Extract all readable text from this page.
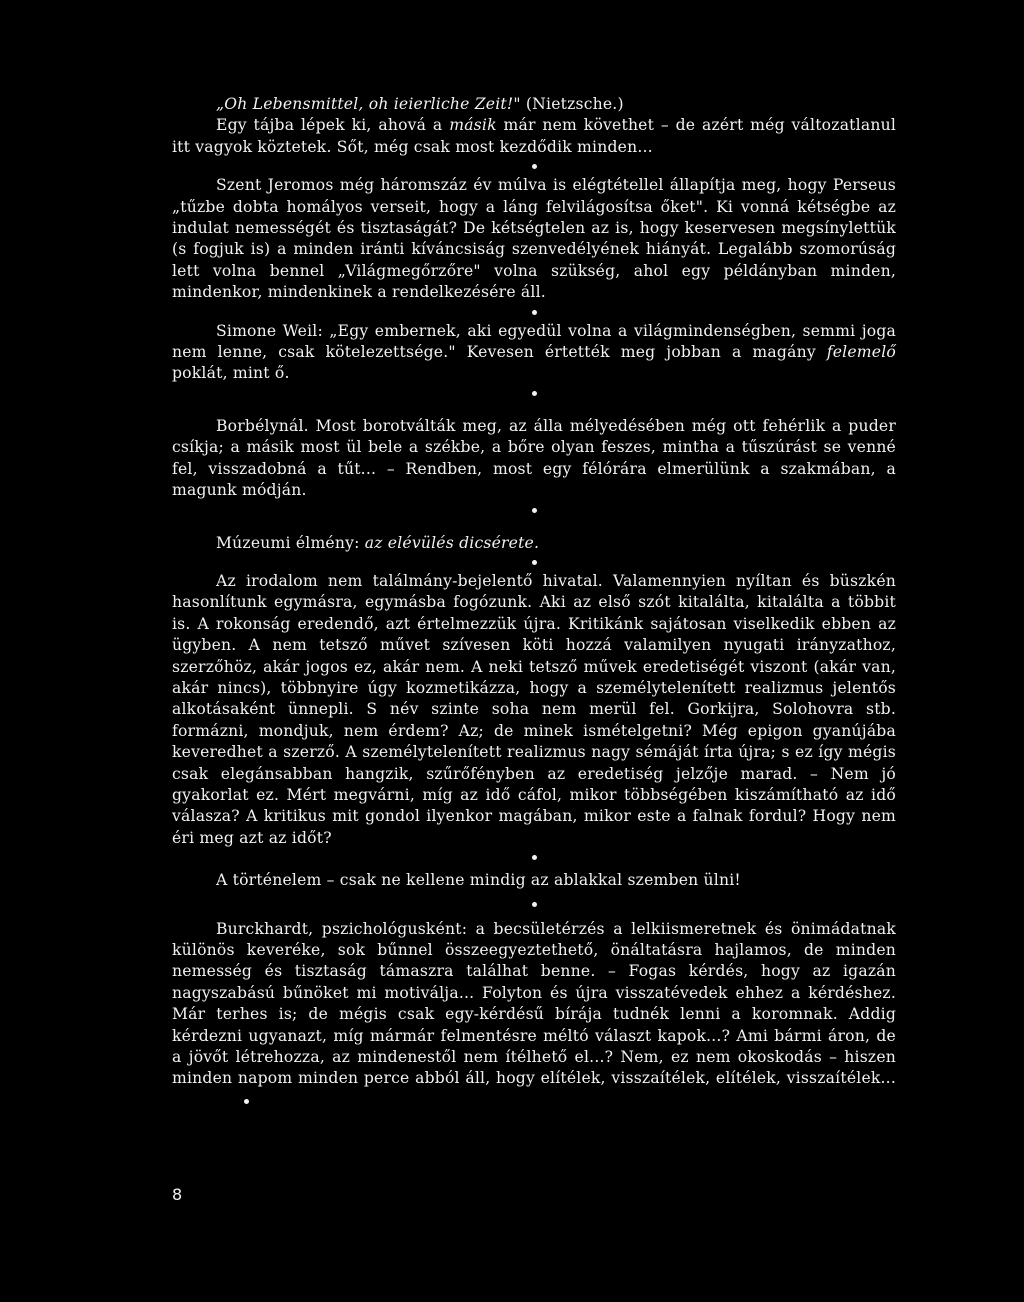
„Oh Lebensmittel, oh ieierliche Zeit!" (Nietzsche.)

Egy tájba lépek ki, ahová a másik már nem követhet – de azért még változatlanul itt vagyok köztetek. Sőt, még csak most kezdődik minden...

Szent Jeromos még háromszáz év múlva is elégtétellel állapítja meg, hogy Perseus „tűzbe dobta homályos verseit, hogy a láng felvilágosítsa őket". Ki vonná kétségbe az indulat nemességét és tisztaságát? De kétségtelen az is, hogy keservesen megsínylettük (s fogjuk is) a minden iránti kíváncsiság szenvedélyének hiányát. Legalább szomorúság lett volna bennel „Világmegőrzőre" volna szükség, ahol egy példányban minden, mindenkor, mindenkinek a rendelkezésére áll.

Simone Weil: „Egy embernek, aki egyedül volna a világmindenségben, semmi joga nem lenne, csak kötelezettsége." Kevesen értették meg jobban a magány felemelő poklát, mint ő.

Borbélynál. Most borotválták meg, az álla mélyedésében még ott fehérlik a puder csíkja; a másik most ül bele a székbe, a bőre olyan feszes, mintha a tűszúrást se venné fel, visszadobná a tűt... – Rendben, most egy félórára elmerülünk a szakmában, a magunk módján.

Múzeumi élmény: az elévülés dicsérete.

Az irodalom nem találmány-bejelentő hivatal. Valamennyien nyíltan és büszkén hasonlítunk egymásra, egymásba fogózunk. Aki az első szót kitalálta, kitalálta a többit is. A rokonság eredendő, azt értelmezzük újra. Kritikánk sajátosan viselkedik ebben az ügyben. A nem tetsző művet szívesen köti hozzá valamilyen nyugati irányzathoz, szerzőhöz, akár jogos ez, akár nem. A neki tetsző művek eredetiségét viszont (akár van, akár nincs), többnyire úgy kozmetikázza, hogy a személytelenített realizmus jelentős alkotásaként ünnepli. S név szinte soha nem merül fel. Gorkijra, Solohovra stb. formázni, mondjuk, nem érdem? Az; de minek ismételgetni? Még epigon gyanújába keveredhet a szerző. A személytelenített realizmus nagy sémáját írta újra; s ez így mégis csak elegánsabban hangzik, szűrőfényben az eredetiség jelzője marad. – Nem jó gyakorlat ez. Mért megvárni, míg az idő cáfol, mikor többségében kiszámítható az idő válasza? A kritikus mit gondol ilyenkor magában, mikor este a falnak fordul? Hogy nem éri meg azt az időt?

A történelem – csak ne kellene mindig az ablakkal szemben ülni!

Burckhardt, pszichológusként: a becsületérzés a lelkiismeretnek és önimádatnak különös keveréke, sok bűnnel összeegyeztethető, önáltatásra hajlamos, de minden nemesség és tisztaság támaszra találhat benne. – Fogas kérdés, hogy az igazán nagyszabású bűnöket mi motiválja... Folyton és újra visszatévedek ehhez a kérdéshez. Már terhes is; de mégis csak egy-kérdésű bírája tudnék lenni a koromnak. Addig kérdezni ugyanazt, míg mármár felmentésre méltó választ kapok...? Ami bármi áron, de a jövőt létrehozza, az mindenestől nem ítélhető el...? Nem, ez nem okoskodás – hiszen minden napom minden perce abból áll, hogy elítélek, visszaítélek, elítélek, visszaítélek...

8
